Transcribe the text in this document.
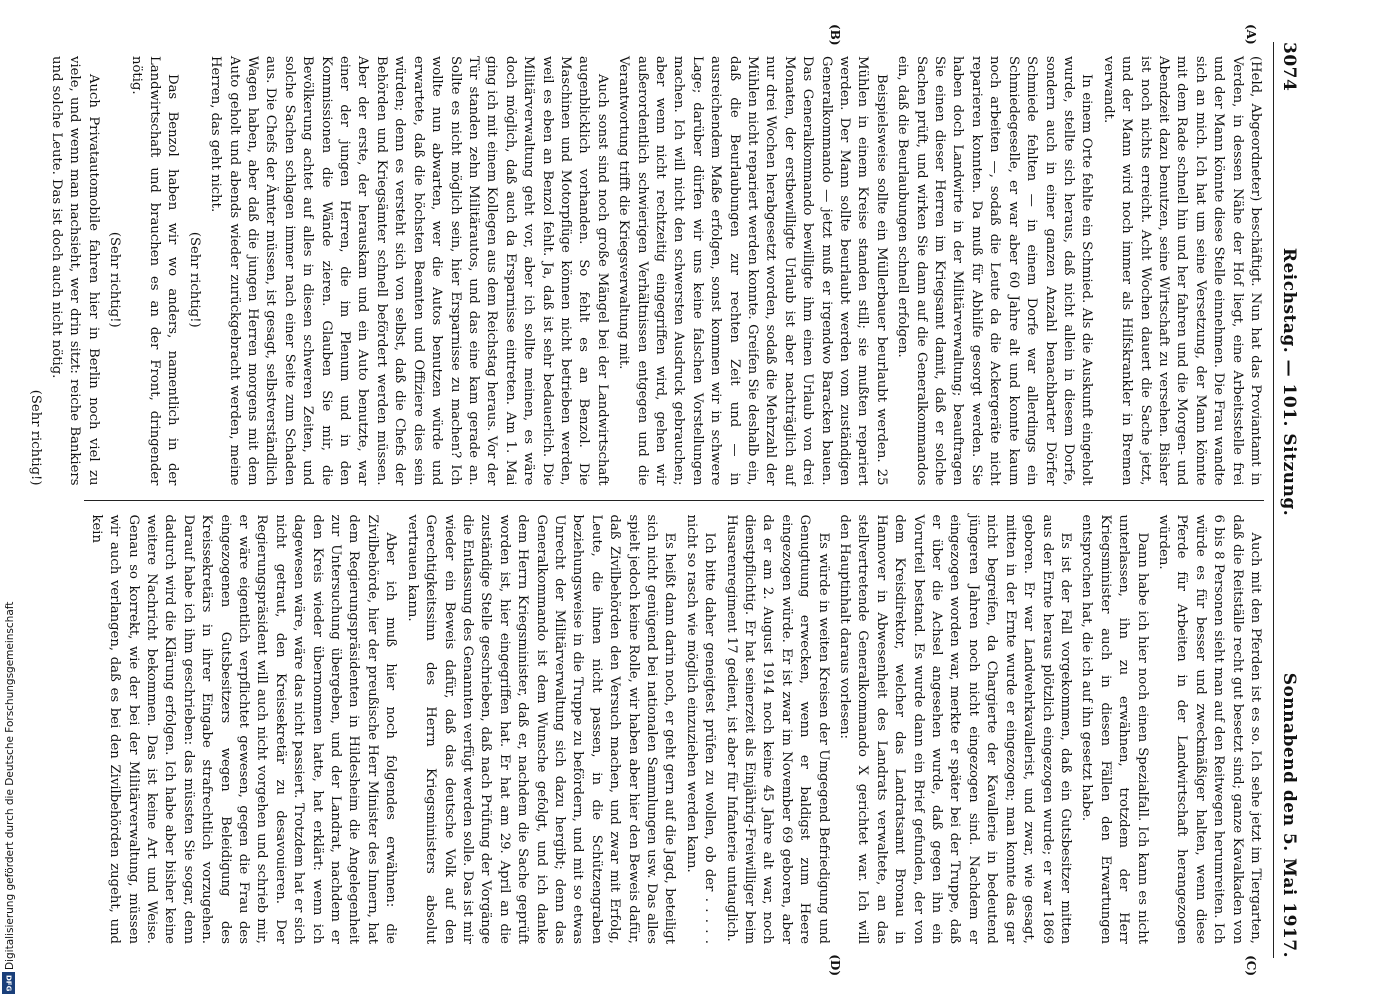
Digitalisierung gefördert durch die Deutsche Forschungsgemeinschaft
DFG
3074
Reichstag. — 101. Sitzung.
Sonnabend den 5. Mai 1917.
(A)
(B)

(Held, Abgeordneter) beschäftigt. Nun hat das Proviantamt in Verden, in dessen Nähe der Hof liegt, eine Arbeitsstelle frei und der Mann könnte diese Stelle einnehmen. Die Frau wandte sich an mich. Ich hat um seine Versetzung, der Mann könnte mit dem Rade schnell hin und her fahren und die Morgen- und Abendzeit dazu benutzen, seine Wirtschaft zu versehen. Bisher ist noch nichts erreicht. Acht Wochen dauert die Sache jetzt, und der Mann wird noch immer als Hilfskrankler in Bremen verwandt.

In einem Orte fehlte ein Schmied. Als die Auskunft eingeholt wurde, stellte sich heraus, daß nicht allein in diesem Dorfe, sondern auch in einer ganzen Anzahl benachbarter Dörfer Schmiede fehlten — in einem Dorfe war allerdings ein Schmiedegeselle, er war aber 60 Jahre alt und konnte kaum noch arbeiten —, sodaß die Leute da die Ackergeräte nicht reparieren konnten. Da muß für Abhilfe gesorgt werden. Sie haben doch Landwirte in der Militärverwaltung; beauftragen Sie einen dieser Herren im Kriegsamt damit, daß er solche Sachen prüft, und wirken Sie dann auf die Generalkommandos ein, daß die Beurlaubungen schnell erfolgen.

Beispielsweise sollte ein Müllerbauer beurlaubt werden. 25 Mühlen in einem Kreise standen still; sie mußten repariert werden. Der Mann sollte beurlaubt werden vom zuständigen Generalkommando — jetzt muß er irgendwo Baracken bauen. Das Generalkommando bewilligte ihm einen Urlaub von drei Monaten, der erstbewilligte Urlaub ist aber nachträglich auf nur drei Wochen herabgesetzt worden, sodaß die Mehrzahl der Mühlen nicht repariert werden konnte. Greifen Sie deshalb ein, daß die Beurlaubungen zur rechten Zeit und — in ausreichendem Maße erfolgen, sonst kommen wir in schwere Lage; darüber dürfen wir uns keine falschen Vorstellungen machen. Ich will nicht den schwersten Ausdruck gebrauchen; aber wenn nicht rechtzeitig eingegriffen wird, gehen wir außerordentlich schwierigen Verhältnissen entgegen und die Verantwortung trifft die Kriegsverwaltung mit.

Auch sonst sind noch große Mängel bei der Landwirtschaft augenblicklich vorhanden. So fehlt es an Benzol. Die Maschinen und Motorpflüge können nicht betrieben werden, weil es eben an Benzol fehlt. Ja, daß ist sehr bedauerlich. Die Militärverwaltung geht vor, aber ich sollte meinen, es wäre doch möglich, daß auch da Ersparnisse eintreten. Am 1. Mai ging ich mit einem Kollegen aus dem Reichstag heraus. Vor der Tür standen zehn Militärautos, und das eine kam gerade an. Sollte es nicht möglich sein, hier Ersparnisse zu machen? Ich wollte nun abwarten, wer die Autos benutzen würde und erwartete, daß die höchsten Beamten und Offiziere dies sein würden; denn es versteht sich von selbst, daß die Chefs der Behörden und Kriegsämter schnell befördert werden müssen. Aber der erste, der herauskam und ein Auto benutzte, war einer der jungen Herren, die im Plenum und in den Kommissionen die Wände zieren. Glauben Sie mir, die Bevölkerung achtet auf alles in diesen schweren Zeiten, und solche Sachen schlagen immer nach einer Seite zum Schaden aus. Die Chefs der Ämter müssen, ist gesagt, selbstverständlich Wagen haben, aber daß die jungen Herren morgens mit dem Auto geholt und abends wieder zurückgebracht werden, meine Herren, das geht nicht.

(Sehr richtig!)

Das Benzol haben wir wo anders, namentlich in der Landwirtschaft und brauchen es an der Front, dringender nötig.

(Sehr richtig!)

Auch Privatautomobile fahren hier in Berlin noch viel zu viele, und wenn man nachsieht, wer drin sitzt: reiche Bankiers und solche Leute. Das ist doch auch nicht nötig.

(Sehr richtig!)

(C)
(D)

Auch mit den Pferden ist es so. Ich sehe jetzt im Tiergarten, daß die Reitställe recht gut besetzt sind; ganze Kavalkaden von 6 bis 8 Personen sieht man auf den Reitwegen herumreiten. Ich würde es für besser und zweckmäßiger halten, wenn diese Pferde für Arbeiten in der Landwirtschaft herangezogen würden.

Dann habe ich hier noch einen Spezialfall. Ich kann es nicht unterlassen, ihn zu erwähnen, trotzdem der Herr Kriegsminister auch in diesen Fällen den Erwartungen entsprochen hat, die ich auf ihn gesetzt habe.

Es ist der Fall vorgekommen, daß ein Gutsbesitzer mitten aus der Ernte heraus plötzlich eingezogen wurde; er war 1869 geboren. Er war Landwehrkavallerist, und zwar, wie gesagt, mitten in der Ernte wurde er eingezogen; man konnte das gar nicht begreifen, da Chargierte der Kavallerie in bedeutend jüngeren Jahren noch nicht eingezogen sind. Nachdem er eingezogen worden war, merkte er später bei der Truppe, daß er über die Achsel angesehen wurde, daß gegen ihn ein Vorurteil bestand. Es wurde dann ein Brief gefunden, der von dem Kreisdirektor, welcher das Landratsamt Bronau in Hannover in Abwesenheit des Landrats verwaltete, an das stellvertretende Generalkommando X gerichtet war. Ich will den Hauptinhalt daraus vorlesen:

Es würde in weiten Kreisen der Umgegend Befriedigung und Genugtuung erwecken, wenn er baldigst zum Heere eingezogen würde. Er ist zwar im November 69 geboren, aber da er am 2. August 1914 noch keine 45 Jahre alt war, noch dienstpflichtig. Er hat seinerzeit als Einjährig-Freiwilliger beim Husarenregiment 17 gedient, ist aber für Infanterie untauglich.

Ich bitte daher geneigtest prüfen zu wollen, ob der . . . . . nicht so rasch wie möglich einzuziehen werden kann.

Es heißt dann darin noch, er geht gern auf die Jagd, beteiligt sich nicht genügend bei nationalen Sammlungen usw. Das alles spielt jedoch keine Rolle, wir haben aber hier den Beweis dafür, daß Zivilbehörden den Versuch machen, und zwar mit Erfolg, Leute, die ihnen nicht passen, in die Schützengraben beziehungsweise in die Truppe zu befördern, und mit so etwas Unrecht der Militärverwaltung sich dazu hergibt; denn das Generalkommando ist dem Wunsche gefolgt, und ich danke dem Herrn Kriegsminister, daß er, nachdem die Sache geprüft worden ist, hier eingegriffen hat. Er hat am 29. April an die zuständige Stelle geschrieben, daß nach Prüfung der Vorgänge die Entlassung des Genannten verfügt werden solle. Das ist mir wieder ein Beweis dafür, daß das deutsche Volk auf den Gerechtigkeitssinn des Herrn Kriegsministers absolut vertrauen kann.

Aber ich muß hier noch folgendes erwähnen: die Zivilbehörde, hier der preußische Herr Minister des Innern, hat dem Regierungspräsidenten in Hildesheim die Angelegenheit zur Untersuchung übergeben, und der Landrat, nachdem er den Kreis wieder übernommen hatte, hat erklärt: wenn ich dagewesen wäre, wäre das nicht passiert. Trotzdem hat er sich nicht getraut, den Kreissekretär zu desavouieren. Der Regierungspräsident will auch nicht vorgehen und schrieb mir, er wäre eigentlich verpflichtet gewesen, gegen die Frau des eingezogenen Gutsbesitzers wegen Beleidigung des Kreissekretärs in ihrer Eingabe strafrechtlich vorzugehen. Darauf habe ich ihm geschrieben: das müssten Sie sogar, denn dadurch wird die Klärung erfolgen. Ich habe aber bisher keine weitere Nachricht bekommen. Das ist keine Art und Weise. Genau so korrekt, wie der bei der Militärverwaltung, müssen wir auch verlangen, daß es bei den Zivilbehörden zugeht, und kein
